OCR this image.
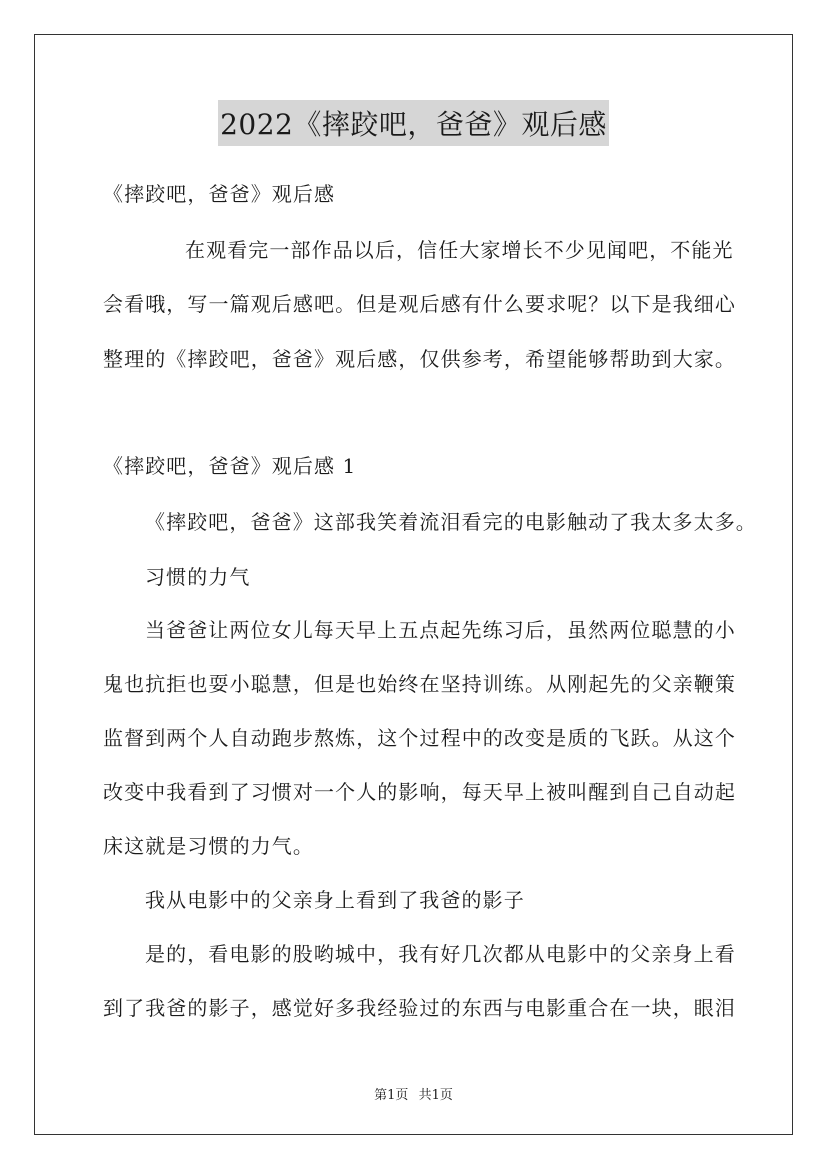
2022《摔跤吧，爸爸》观后感
《摔跤吧，爸爸》观后感
在观看完一部作品以后，信任大家增长不少见闻吧，不能光
会看哦，写一篇观后感吧。但是观后感有什么要求呢？以下是我细心
整理的《摔跤吧，爸爸》观后感，仅供参考，希望能够帮助到大家。
《摔跤吧，爸爸》观后感 1
《摔跤吧，爸爸》这部我笑着流泪看完的电影触动了我太多太多。
习惯的力气
当爸爸让两位女儿每天早上五点起先练习后，虽然两位聪慧的小
鬼也抗拒也耍小聪慧，但是也始终在坚持训练。从刚起先的父亲鞭策
监督到两个人自动跑步熬炼，这个过程中的改变是质的飞跃。从这个
改变中我看到了习惯对一个人的影响，每天早上被叫醒到自己自动起
床这就是习惯的力气。
我从电影中的父亲身上看到了我爸的影子
是的，看电影的股哟城中，我有好几次都从电影中的父亲身上看
到了我爸的影子，感觉好多我经验过的东西与电影重合在一块，眼泪
第1页 共1页
